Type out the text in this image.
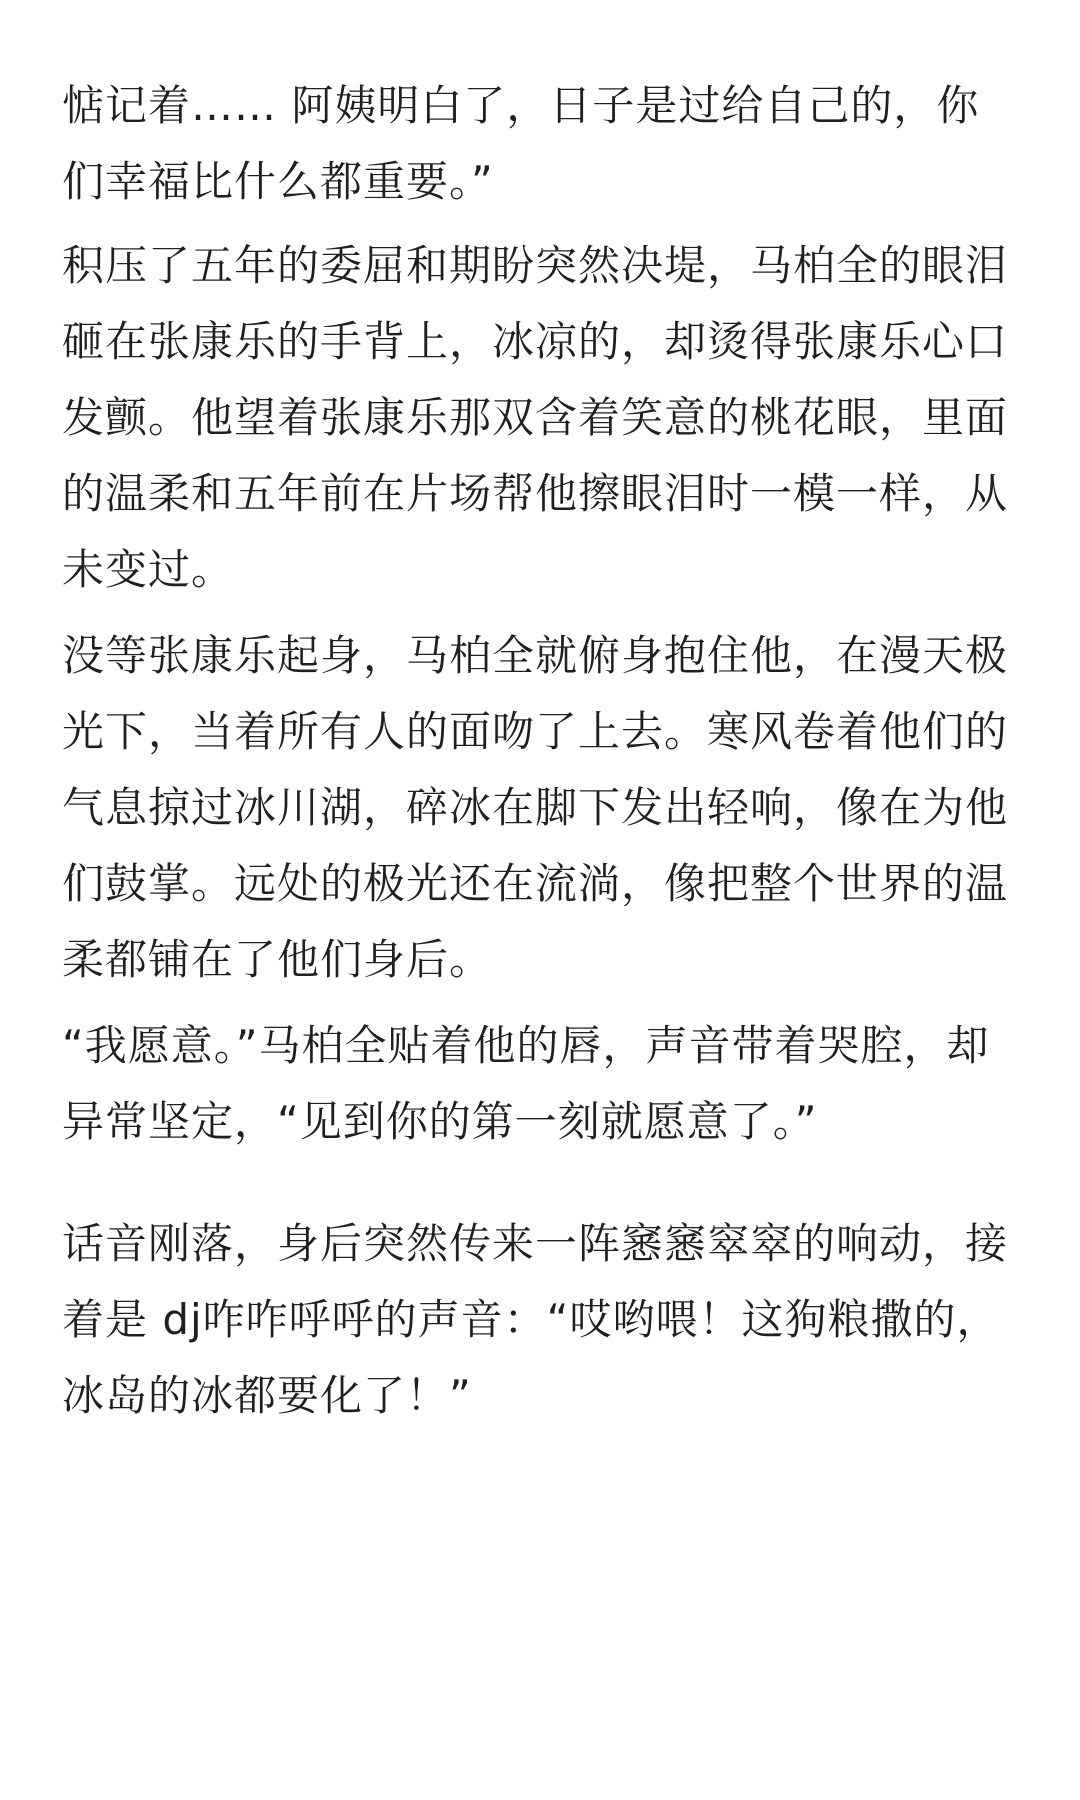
惦记着…… 阿姨明白了，日子是过给自己的，你
们幸福比什么都重要。”

积压了五年的委屈和期盼突然决堤，马柏全的眼泪
砸在张康乐的手背上，冰凉的，却烫得张康乐心口
发颤。他望着张康乐那双含着笑意的桃花眼，里面
的温柔和五年前在片场帮他擦眼泪时一模一样，从
未变过。

没等张康乐起身，马柏全就俯身抱住他，在漫天极
光下，当着所有人的面吻了上去。寒风卷着他们的
气息掠过冰川湖，碎冰在脚下发出轻响，像在为他
们鼓掌。远处的极光还在流淌，像把整个世界的温
柔都铺在了他们身后。

“我愿意。”马柏全贴着他的唇，声音带着哭腔，却
异常坚定，“见到你的第一刻就愿意了。”

话音刚落，身后突然传来一阵窸窸窣窣的响动，接
着是 dj咋咋呼呼的声音：“哎哟喂！这狗粮撒的，
冰岛的冰都要化了！”
